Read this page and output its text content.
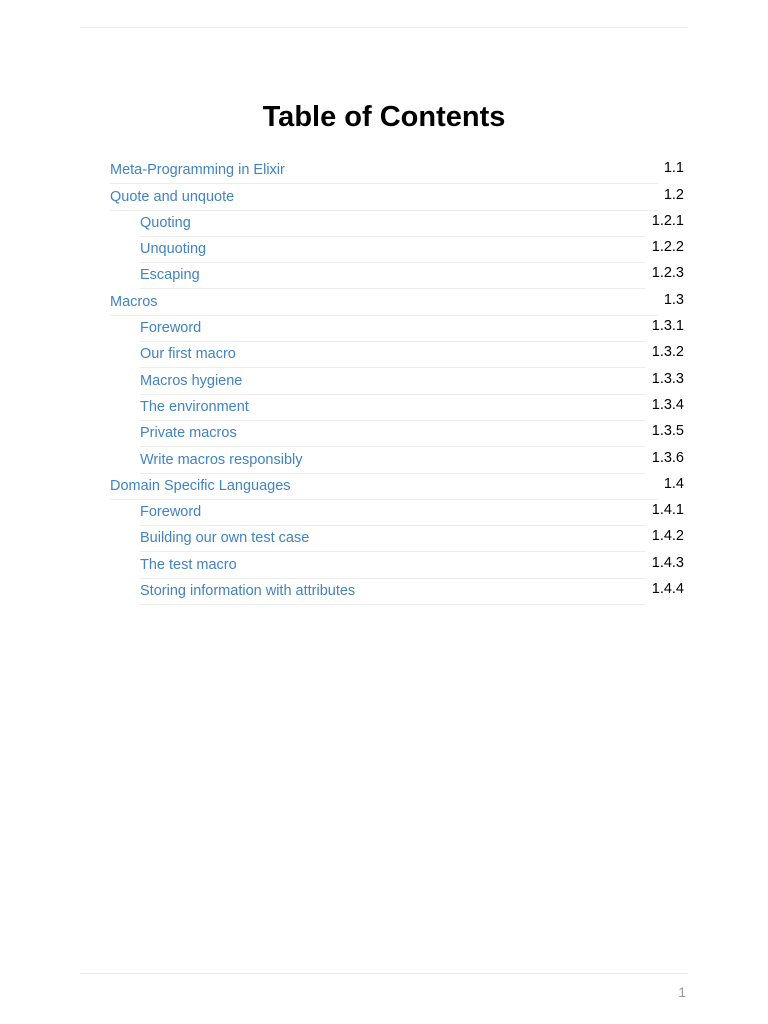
Table of Contents
Meta-Programming in Elixir	1.1
Quote and unquote	1.2
Quoting	1.2.1
Unquoting	1.2.2
Escaping	1.2.3
Macros	1.3
Foreword	1.3.1
Our first macro	1.3.2
Macros hygiene	1.3.3
The environment	1.3.4
Private macros	1.3.5
Write macros responsibly	1.3.6
Domain Specific Languages	1.4
Foreword	1.4.1
Building our own test case	1.4.2
The test macro	1.4.3
Storing information with attributes	1.4.4
1
